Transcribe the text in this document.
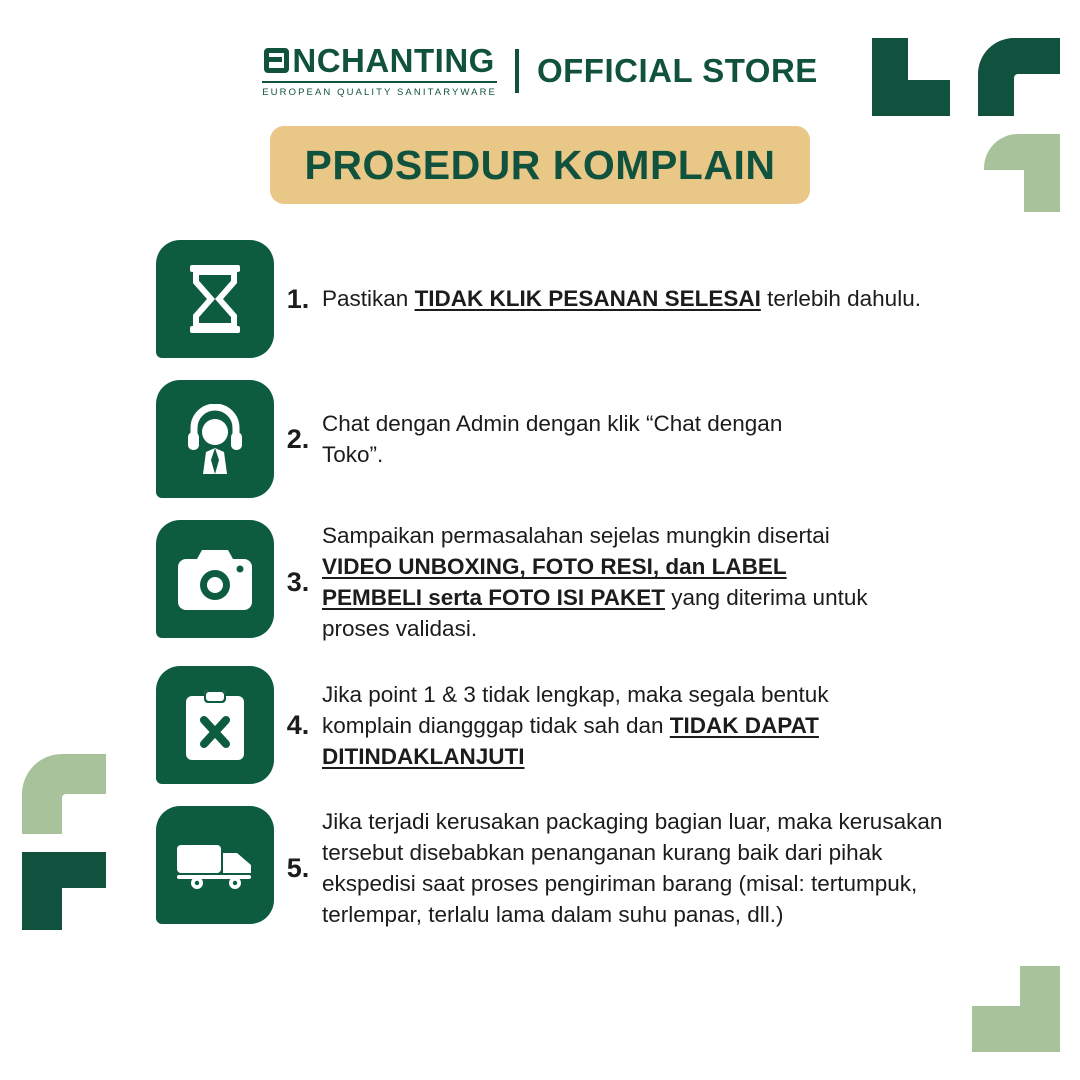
NCHANTING
EUROPEAN QUALITY SANITARYWARE
OFFICIAL STORE
PROSEDUR KOMPLAIN
1. Pastikan TIDAK KLIK PESANAN SELESAI terlebih dahulu.
2.
Chat dengan Admin dengan klik “Chat dengan Toko”.
3.
Sampaikan permasalahan sejelas mungkin disertai VIDEO UNBOXING, FOTO RESI, dan LABEL PEMBELI serta FOTO ISI PAKET yang diterima untuk proses validasi.
4.
Jika point 1 & 3 tidak lengkap, maka segala bentuk komplain diangggap tidak sah dan TIDAK DAPAT DITINDAKLANJUTI
5.
Jika terjadi kerusakan packaging bagian luar, maka kerusakan tersebut disebabkan penanganan kurang baik dari pihak ekspedisi saat proses pengiriman barang (misal: tertumpuk, terlempar, terlalu lama dalam suhu panas, dll.)
